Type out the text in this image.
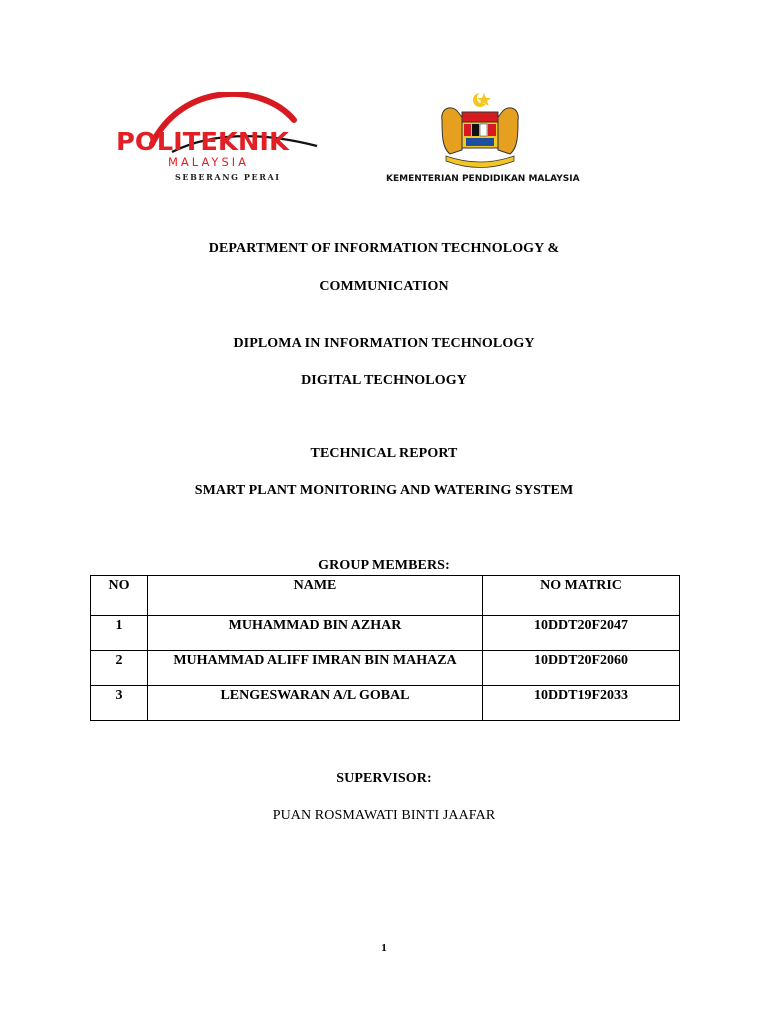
POLITEKNIK
MALAYSIA
SEBERANG PERAI	KEMENTERIAN PENDIDIKAN MALAYSIA
DEPARTMENT OF INFORMATION TECHNOLOGY &
COMMUNICATION
DIPLOMA IN INFORMATION TECHNOLOGY
DIGITAL TECHNOLOGY
TECHNICAL REPORT
SMART PLANT MONITORING AND WATERING SYSTEM
GROUP MEMBERS:
NO	NAME	NO MATRIC
1	MUHAMMAD BIN AZHAR	10DDT20F2047
2	MUHAMMAD ALIFF IMRAN BIN MAHAZA	10DDT20F2060
3	LENGESWARAN A/L GOBAL	10DDT19F2033
SUPERVISOR:
PUAN ROSMAWATI BINTI JAAFAR
1
